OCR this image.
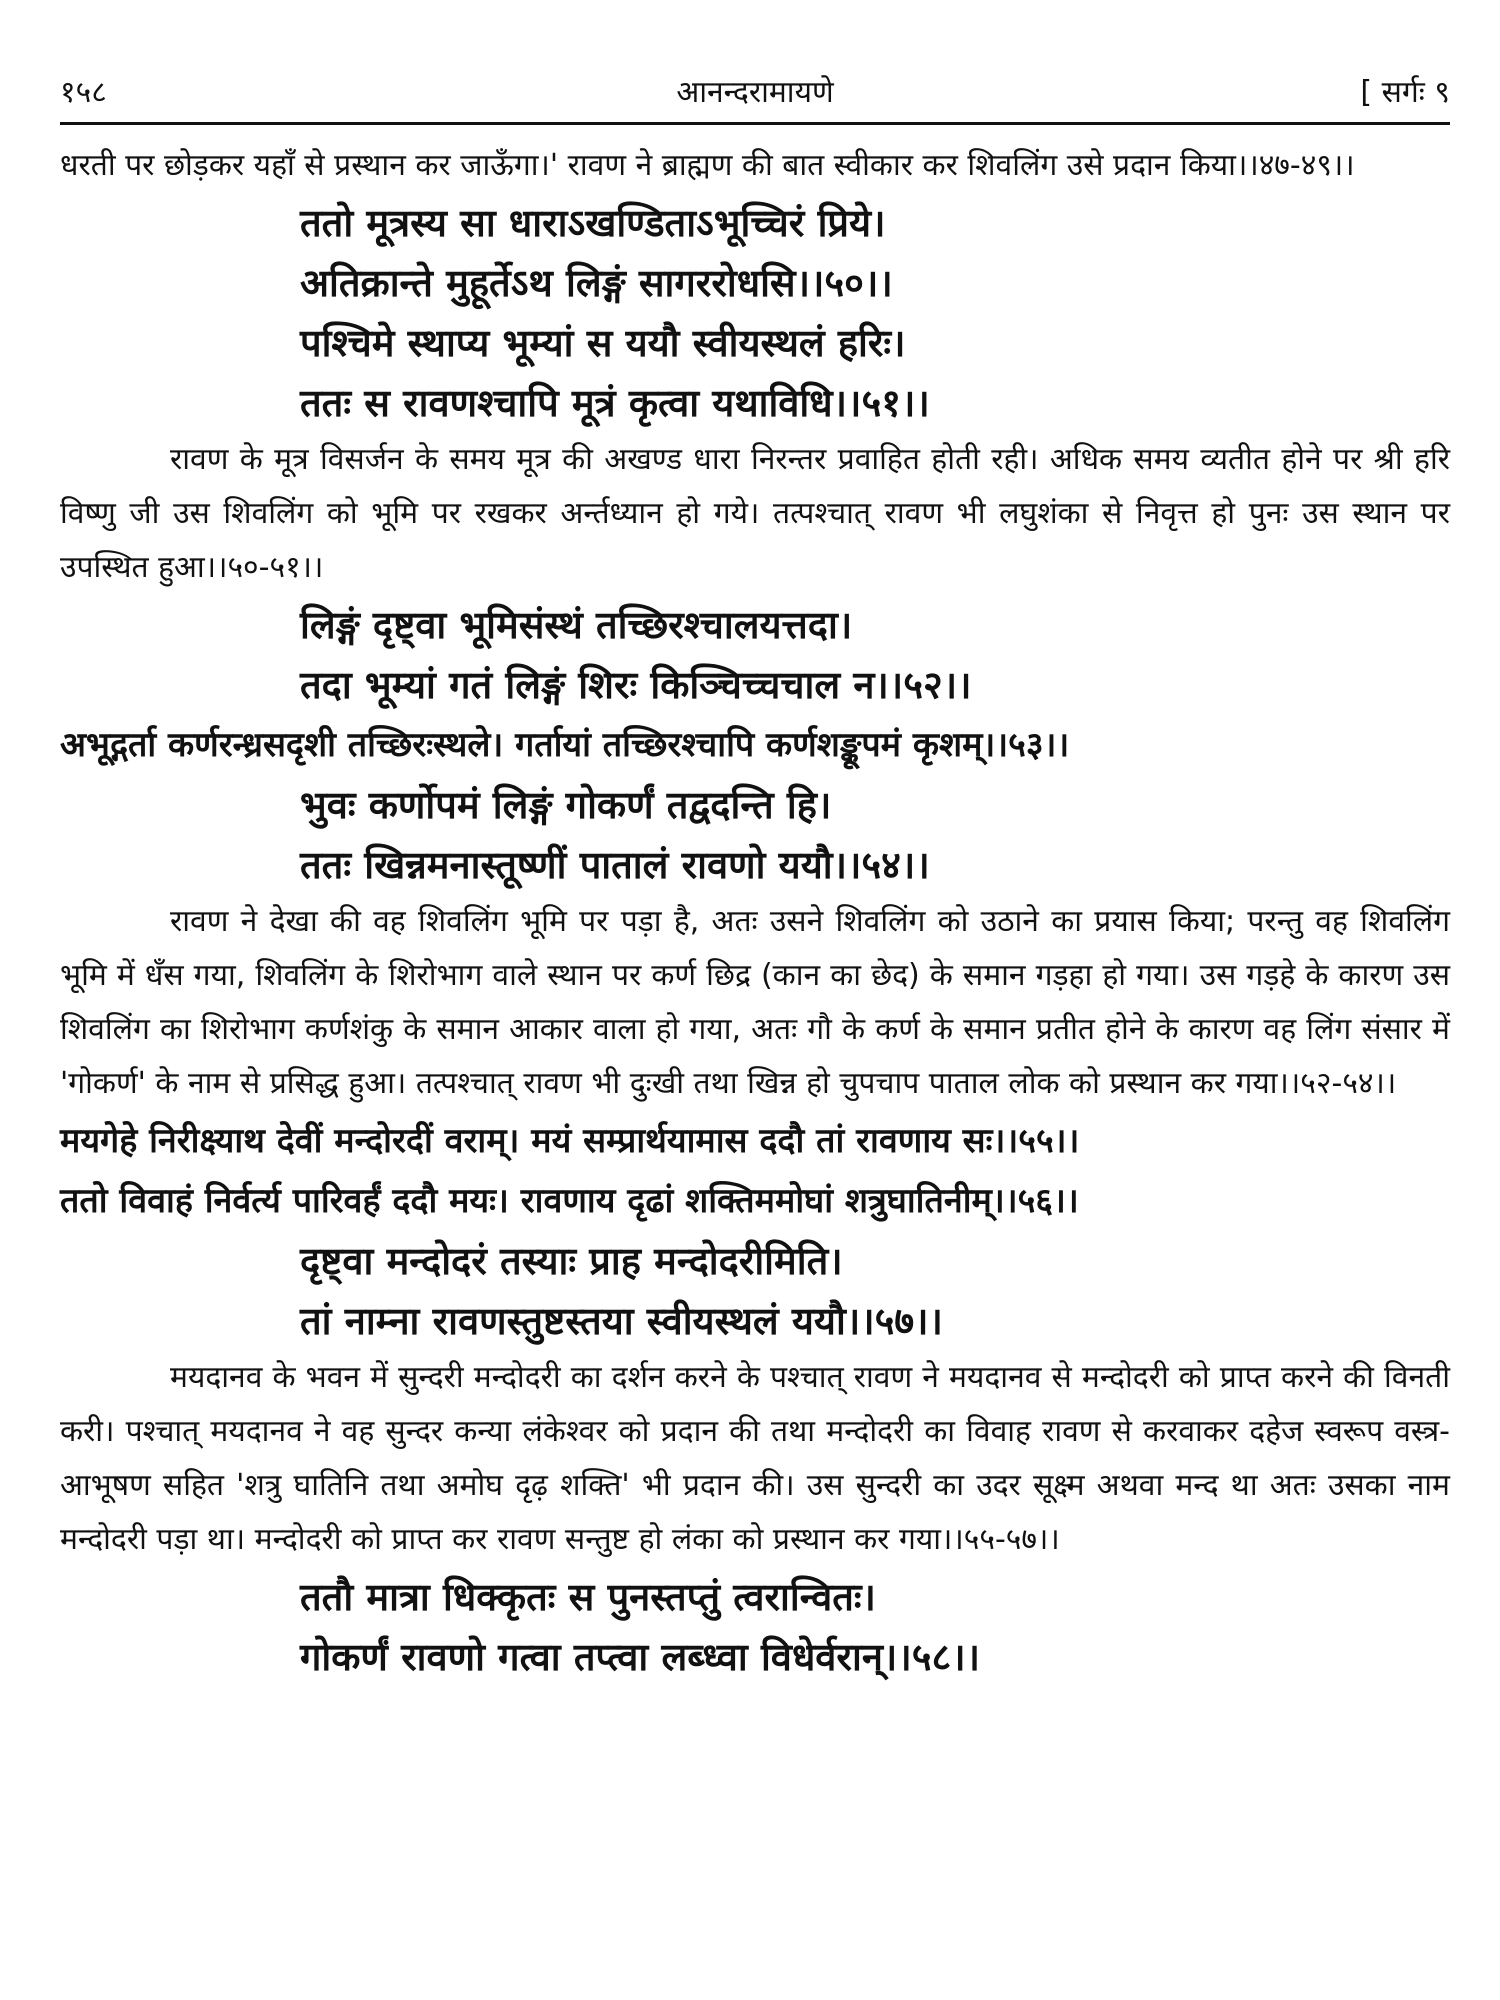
१५८	आनन्दरामायणे	[ सर्गः ९

धरती पर छोड़कर यहाँ से प्रस्थान कर जाऊँगा।' रावण ने ब्राह्मण की बात स्वीकार कर शिवलिंग उसे प्रदान किया।।४७-४९।।

ततो मूत्रस्य सा धाराऽखण्डिताऽभूच्चिरं प्रिये।

अतिक्रान्ते मुहूर्तेऽथ लिङ्गं सागररोधसि।।५०।।

पश्चिमे स्थाप्य भूम्यां स ययौ स्वीयस्थलं हरिः।

ततः स रावणश्चापि मूत्रं कृत्वा यथाविधि।।५१।।

रावण के मूत्र विसर्जन के समय मूत्र की अखण्ड धारा निरन्तर प्रवाहित होती रही। अधिक समय व्यतीत होने पर श्री हरि विष्णु जी उस शिवलिंग को भूमि पर रखकर अर्न्तध्यान हो गये। तत्पश्चात् रावण भी लघुशंका से निवृत्त हो पुनः उस स्थान पर उपस्थित हुआ।।५०-५१।।

लिङ्गं दृष्ट्वा भूमिसंस्थं तच्छिरश्चालयत्तदा।

तदा भूम्यां गतं लिङ्गं शिरः किञ्चिच्चचाल न।।५२।।

अभूद्गर्ता कर्णरन्ध्रसदृशी तच्छिरःस्थले। गर्तायां तच्छिरश्चापि कर्णशङ्कूपमं कृशम्।।५३।।

भुवः कर्णोपमं लिङ्गं गोकर्णं तद्वदन्ति हि।

ततः खिन्नमनास्तूष्णीं पातालं रावणो ययौ।।५४।।

रावण ने देखा की वह शिवलिंग भूमि पर पड़ा है, अतः उसने शिवलिंग को उठाने का प्रयास किया; परन्तु वह शिवलिंग भूमि में धँस गया, शिवलिंग के शिरोभाग वाले स्थान पर कर्ण छिद्र (कान का छेद) के समान गड़हा हो गया। उस गड़हे के कारण उस शिवलिंग का शिरोभाग कर्णशंकु के समान आकार वाला हो गया, अतः गौ के कर्ण के समान प्रतीत होने के कारण वह लिंग संसार में 'गोकर्ण' के नाम से प्रसिद्ध हुआ। तत्पश्चात् रावण भी दुःखी तथा खिन्न हो चुपचाप पाताल लोक को प्रस्थान कर गया।।५२-५४।।

मयगेहे निरीक्ष्याथ देवीं मन्दोरदीं वराम्। मयं सम्प्रार्थयामास ददौ तां रावणाय सः।।५५।।

ततो विवाहं निर्वर्त्य पारिवर्हं ददौ मयः। रावणाय दृढां शक्तिममोघां शत्रुघातिनीम्।।५६।।

दृष्ट्वा मन्दोदरं तस्याः प्राह मन्दोदरीमिति।

तां नाम्ना रावणस्तुष्टस्तया स्वीयस्थलं ययौ।।५७।।

मयदानव के भवन में सुन्दरी मन्दोदरी का दर्शन करने के पश्चात् रावण ने मयदानव से मन्दोदरी को प्राप्त करने की विनती करी। पश्चात् मयदानव ने वह सुन्दर कन्या लंकेश्वर को प्रदान की तथा मन्दोदरी का विवाह रावण से करवाकर दहेज स्वरूप वस्त्र-आभूषण सहित 'शत्रु घातिनि तथा अमोघ दृढ़ शक्ति' भी प्रदान की। उस सुन्दरी का उदर सूक्ष्म अथवा मन्द था अतः उसका नाम मन्दोदरी पड़ा था। मन्दोदरी को प्राप्त कर रावण सन्तुष्ट हो लंका को प्रस्थान कर गया।।५५-५७।।

ततौ मात्रा धिक्कृतः स पुनस्तप्तुं त्वरान्वितः।

गोकर्णं रावणो गत्वा तप्त्वा लब्ध्वा विधेर्वरान्।।५८।।
